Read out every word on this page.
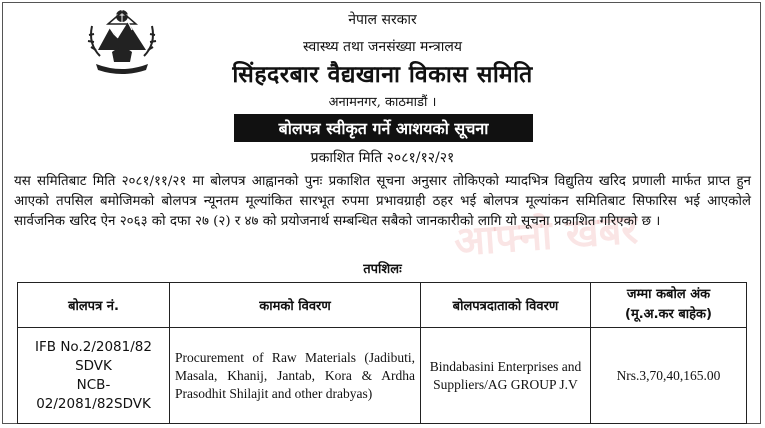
नेपाल सरकार
स्वास्थ्य तथा जनसंख्या मन्त्रालय
सिंहदरबार वैद्यखाना विकास समिति
अनामनगर, काठमाडौं ।
बोलपत्र स्वीकृत गर्ने आशयको सूचना
प्रकाशित मिति २०८१/१२/२१
आफ्नो खबर
यस समितिबाट मिति २०८१/११/२१ मा बोलपत्र आह्वानको पुनः प्रकाशित सूचना अनुसार तोकिएको म्यादभित्र विद्युतिय खरिद प्रणाली मार्फत प्राप्त हुन आएको तपसिल बमोजिमको बोलपत्र न्यूनतम मूल्यांकित सारभूत रुपमा प्रभावग्राही ठहर भई बोलपत्र मूल्यांकन समितिबाट सिफारिस भई आएकोले सार्वजनिक खरिद ऐन २०६३ को दफा २७ (२) र ४७ को प्रयोजनार्थ सम्बन्धित सबैको जानकारीको लागि यो सूचना प्रकाशित गरिएको छ ।
तपशिलः
बोलपत्र नं.	कामको विवरण	बोलपत्रदाताको विवरण	जम्मा कबोल अंक
(मू.अ.कर बाहेक)

IFB No.2/2081/82
SDVK
NCB-02/2081/82SDVK	Procurement of Raw Materials (Jadibuti, Masala, Khanij, Jantab, Kora & Ardha Prasodhit Shilajit and other drabyas)	Bindabasini Enterprises and Suppliers/AG GROUP J.V	Nrs.3,70,40,165.00
